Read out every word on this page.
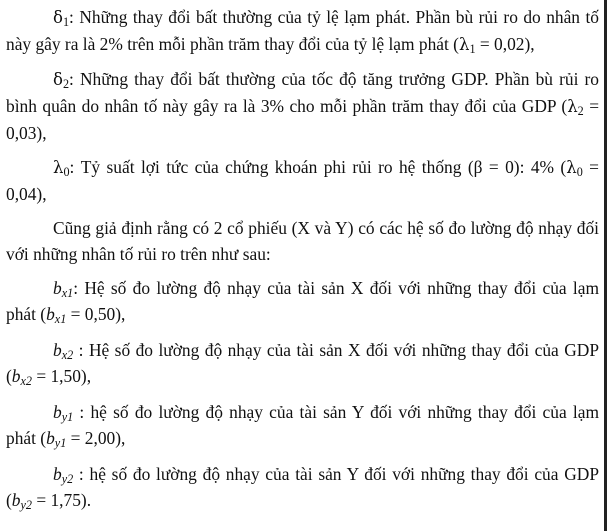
$\delta_1$: Những thay đổi bất thường của tỷ lệ lạm phát. Phần bù rủi ro do nhân tố này gây ra là 2% trên mỗi phần trăm thay đổi của tỷ lệ lạm phát $(\lambda_1 = 0,02)$,

$\delta_2$: Những thay đổi bất thường của tốc độ tăng trưởng GDP. Phần bù rủi ro bình quân do nhân tố này gây ra là 3% cho mỗi phần trăm thay đổi của GDP $(\lambda_2 = 0,03)$,

$\lambda_0$: Tỷ suất lợi tức của chứng khoán phi rủi ro hệ thống (β = 0): 4% $(\lambda_0 = 0,04)$,

Cũng giả định rằng có 2 cổ phiếu (X và Y) có các hệ số đo lường độ nhạy đối với những nhân tố rủi ro trên như sau:

$b_{x1}$: Hệ số đo lường độ nhạy của tài sản X đối với những thay đổi của lạm phát $(b_{x1} = 0,50)$,

$b_{x2}$ : Hệ số đo lường độ nhạy của tài sản X đối với những thay đổi của GDP $(b_{x2} = 1,50)$,

$b_{y1}$ : hệ số đo lường độ nhạy của tài sản Y đối với những thay đổi của lạm phát $(b_{y1} = 2,00)$,

$b_{y2}$ : hệ số đo lường độ nhạy của tài sản Y đối với những thay đổi của GDP $(b_{y2} = 1,75)$.
